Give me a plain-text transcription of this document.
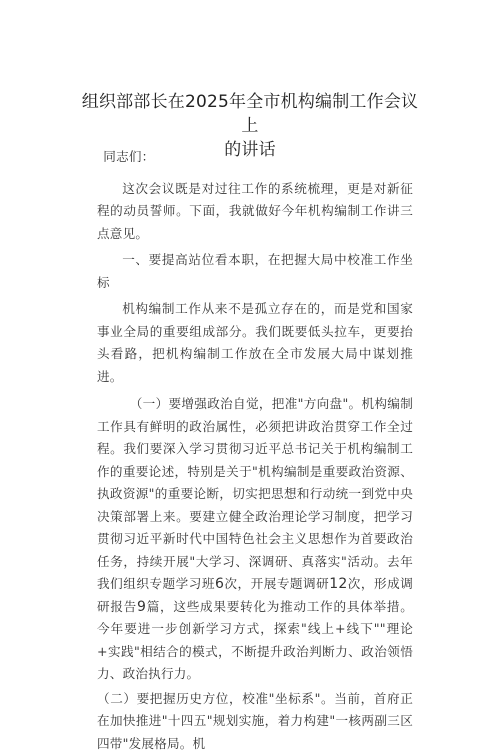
组织部部长在2025年全市机构编制工作会议上
的讲话

同志们：

这次会议既是对过往工作的系统梳理，更是对新征程的动员誓师。下面，我就做好今年机构编制工作讲三点意见。

一、要提高站位看本职，在把握大局中校准工作坐标

机构编制工作从来不是孤立存在的，而是党和国家事业全局的重要组成部分。我们既要低头拉车，更要抬头看路，把机构编制工作放在全市发展大局中谋划推进。

（一）要增强政治自觉，把准"方向盘"。机构编制工作具有鲜明的政治属性，必须把讲政治贯穿工作全过程。我们要深入学习贯彻习近平总书记关于机构编制工作的重要论述，特别是关于"机构编制是重要政治资源、执政资源"的重要论断，切实把思想和行动统一到党中央决策部署上来。要建立健全政治理论学习制度，把学习贯彻习近平新时代中国特色社会主义思想作为首要政治任务，持续开展"大学习、深调研、真落实"活动。去年我们组织专题学习班6次，开展专题调研12次，形成调研报告9篇，这些成果要转化为推动工作的具体举措。今年要进一步创新学习方式，探索"线上+线下""理论+实践"相结合的模式，不断提升政治判断力、政治领悟力、政治执行力。

（二）要把握历史方位，校准"坐标系"。当前，首府正在加快推进"十四五"规划实施，着力构建"一核两副三区四带"发展格局。机
